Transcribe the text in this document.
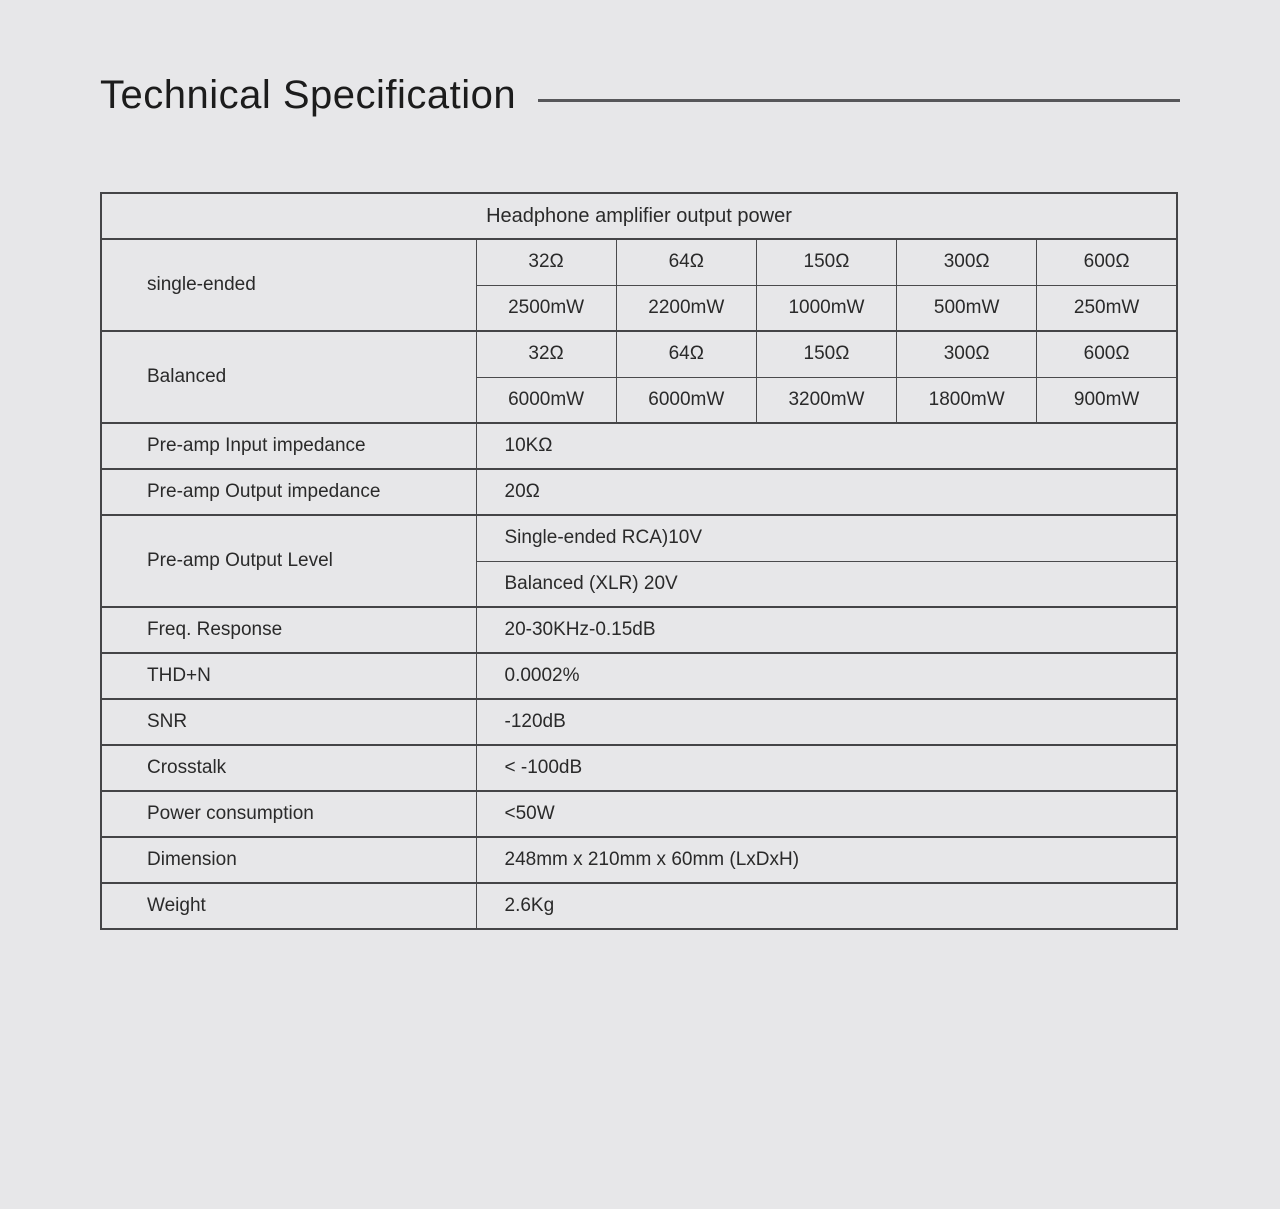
Technical Specification
Headphone amplifier output power					
single-ended	32Ω	64Ω	150Ω	300Ω	600Ω
	2500mW	2200mW	1000mW	500mW	250mW
Balanced	32Ω	64Ω	150Ω	300Ω	600Ω
	6000mW	6000mW	3200mW	1800mW	900mW
Pre-amp Input impedance	10KΩ				
Pre-amp Output impedance	20Ω				
Pre-amp Output Level	Single-ended RCA)10V				
	Balanced (XLR) 20V				
Freq. Response	20-30KHz-0.15dB				
THD+N	0.0002%				
SNR	-120dB				
Crosstalk	< -100dB				
Power consumption	<50W				
Dimension	248mm x 210mm x 60mm (LxDxH)				
Weight	2.6Kg				
